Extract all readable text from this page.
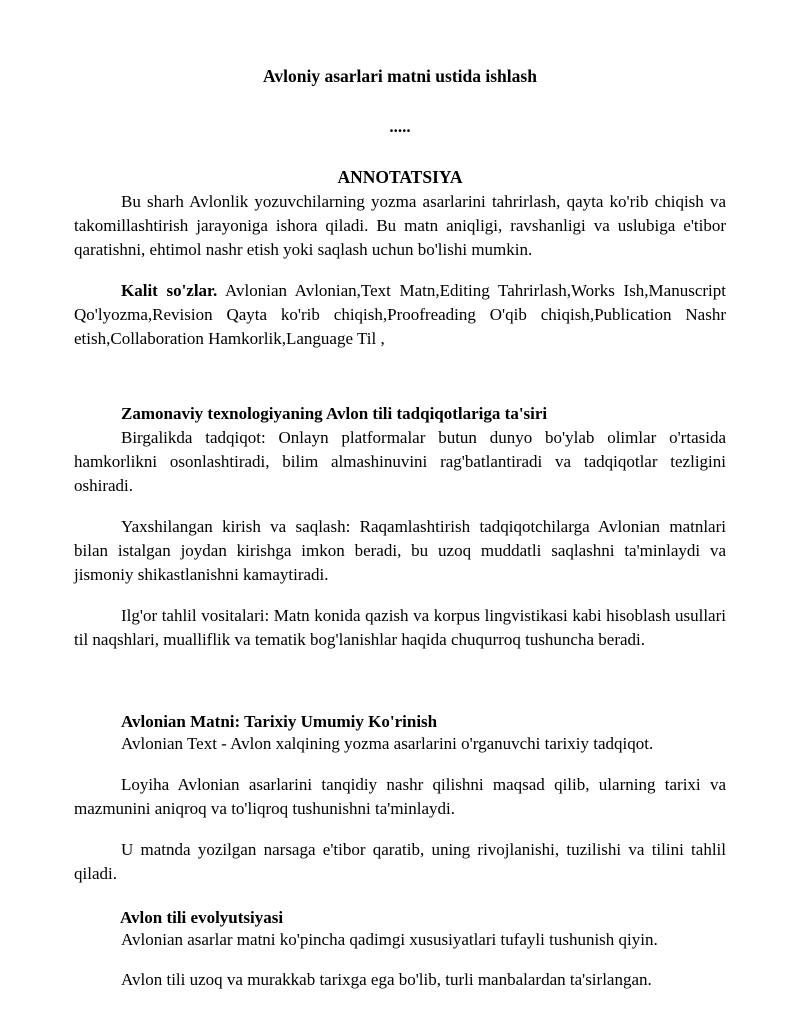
Avloniy asarlari matni ustida ishlash

.....

ANNOTATSIYA

Bu sharh Avlonlik yozuvchilarning yozma asarlarini tahrirlash, qayta ko'rib chiqish va takomillashtirish jarayoniga ishora qiladi. Bu matn aniqligi, ravshanligi va uslubiga e'tibor qaratishni, ehtimol nashr etish yoki saqlash uchun bo'lishi mumkin.

Kalit so'zlar. Avlonian Avlonian,Text Matn,Editing Tahrirlash,Works Ish,Manuscript Qo'lyozma,Revision Qayta ko'rib chiqish,Proofreading O'qib chiqish,Publication Nashr etish,Collaboration Hamkorlik,Language Til ,

Zamonaviy texnologiyaning Avlon tili tadqiqotlariga ta'siri

Birgalikda tadqiqot: Onlayn platformalar butun dunyo bo'ylab olimlar o'rtasida hamkorlikni osonlashtiradi, bilim almashinuvini rag'batlantiradi va tadqiqotlar tezligini oshiradi.

Yaxshilangan kirish va saqlash: Raqamlashtirish tadqiqotchilarga Avlonian matnlari bilan istalgan joydan kirishga imkon beradi, bu uzoq muddatli saqlashni ta'minlaydi va jismoniy shikastlanishni kamaytiradi.

Ilg'or tahlil vositalari: Matn konida qazish va korpus lingvistikasi kabi hisoblash usullari til naqshlari, mualliflik va tematik bog'lanishlar haqida chuqurroq tushuncha beradi.

Avlonian Matni: Tarixiy Umumiy Ko'rinish

Avlonian Text - Avlon xalqining yozma asarlarini o'rganuvchi tarixiy tadqiqot.

Loyiha Avlonian asarlarini tanqidiy nashr qilishni maqsad qilib, ularning tarixi va mazmunini aniqroq va to'liqroq tushunishni ta'minlaydi.

U matnda yozilgan narsaga e'tibor qaratib, uning rivojlanishi, tuzilishi va tilini tahlil qiladi.

Avlon tili evolyutsiyasi

Avlonian asarlar matni ko'pincha qadimgi xususiyatlari tufayli tushunish qiyin.

Avlon tili uzoq va murakkab tarixga ega bo'lib, turli manbalardan ta'sirlangan.
